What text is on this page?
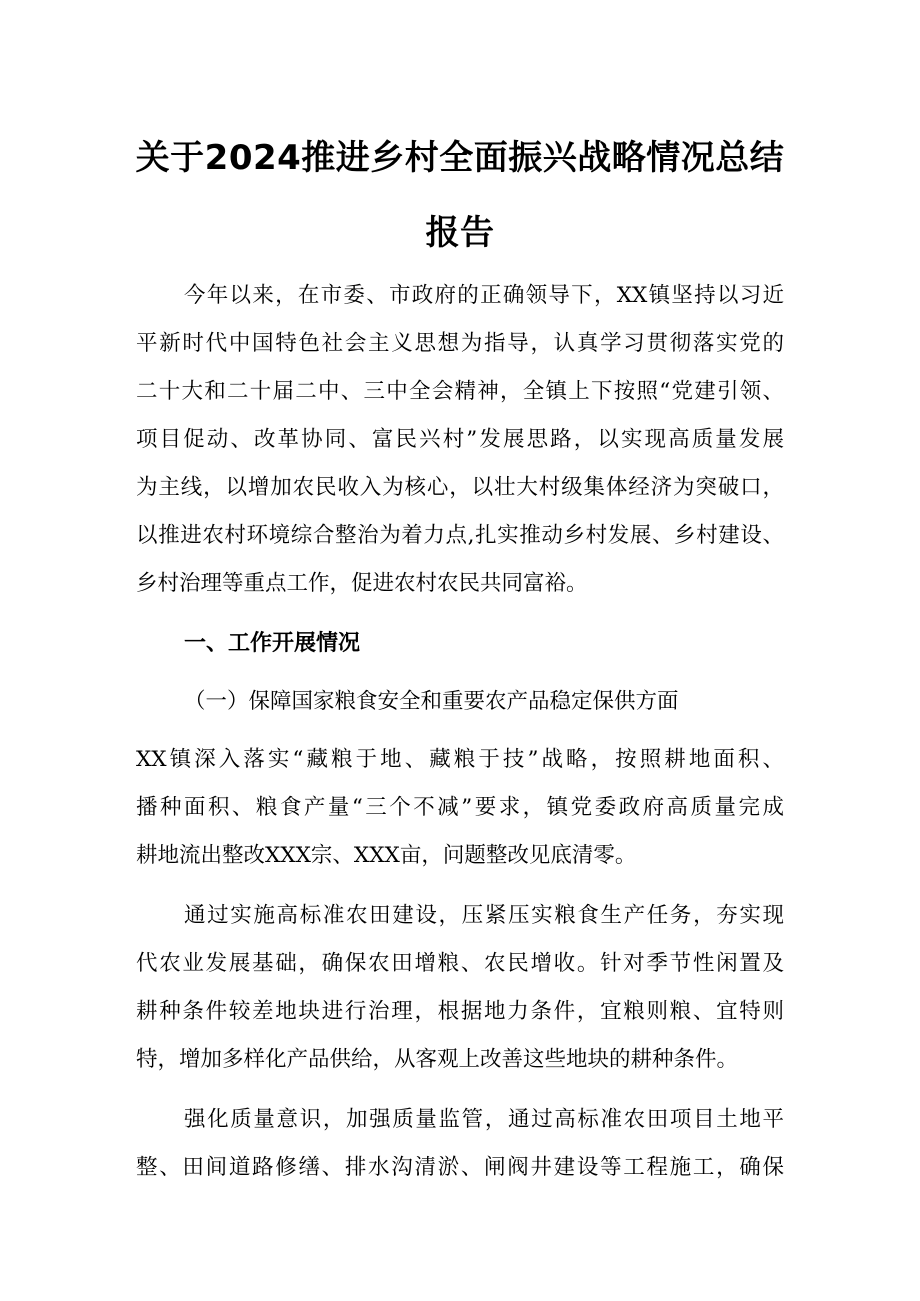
关于2024推进乡村全面振兴战略情况总结
报告
今年以来，在市委、市政府的正确领导下，XX镇坚持以习近
平新时代中国特色社会主义思想为指导，认真学习贯彻落实党的
二十大和二十届二中、三中全会精神，全镇上下按照“党建引领、
项目促动、改革协同、富民兴村”发展思路，以实现高质量发展
为主线，以增加农民收入为核心，以壮大村级集体经济为突破口，
以推进农村环境综合整治为着力点,扎实推动乡村发展、乡村建设、
乡村治理等重点工作，促进农村农民共同富裕。
一、工作开展情况
（一）保障国家粮食安全和重要农产品稳定保供方面
XX镇深入落实“藏粮于地、藏粮于技”战略，按照耕地面积、
播种面积、粮食产量“三个不减”要求，镇党委政府高质量完成
耕地流出整改XXX宗、XXX亩，问题整改见底清零。
通过实施高标准农田建设，压紧压实粮食生产任务，夯实现
代农业发展基础，确保农田增粮、农民增收。针对季节性闲置及
耕种条件较差地块进行治理，根据地力条件，宜粮则粮、宜特则
特，增加多样化产品供给，从客观上改善这些地块的耕种条件。
强化质量意识，加强质量监管，通过高标准农田项目土地平
整、田间道路修缮、排水沟清淤、闸阀井建设等工程施工，确保
